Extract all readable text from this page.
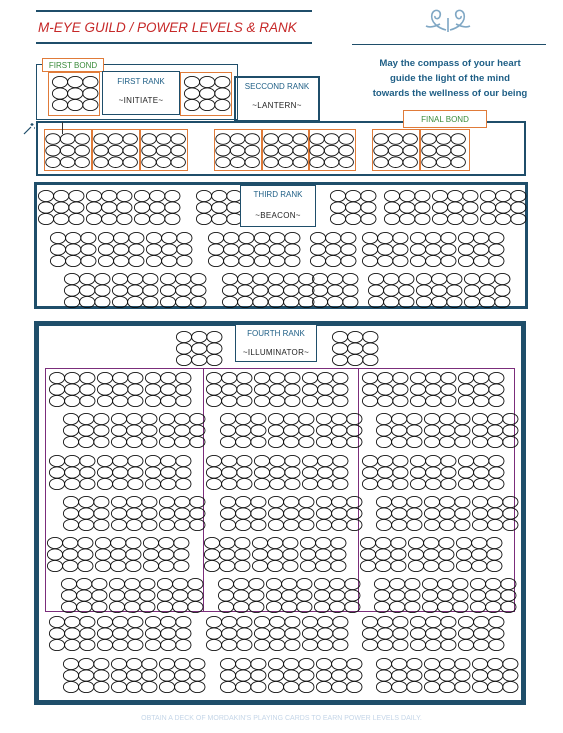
M-EYE GUILD / POWER LEVELS & RANK
May the compass of your heart
guide the light of the mind
towards the wellness of our being
FIRST BOND
FINAL BOND
FIRST RANK
~INITIATE~
SECCOND RANK
~LANTERN~
THIRD RANK
~BEACON~
FOURTH RANK
~ILLUMINATOR~
OBTAIN A DECK OF MORDAKIN'S PLAYING CARDS TO EARN POWER LEVELS DAILY.
